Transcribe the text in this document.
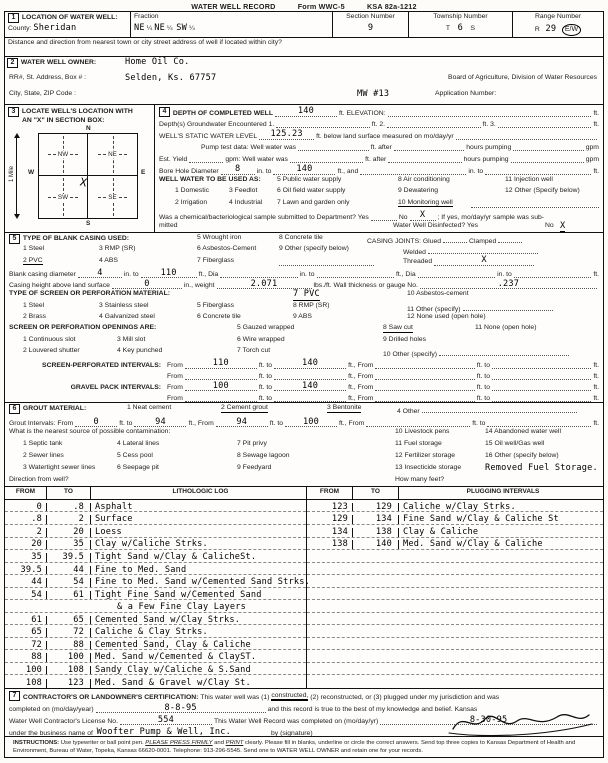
WATER WELL RECORD	Form WWC-5	KSA 82a-1212
1 LOCATION OF WATER WELL:	Fraction	Section Number	Township Number	Range Number
County: Sheridan	NE ¼ NE ¼ SW ¼	9	T 6 S	R 29 E/W
Distance and direction from nearest town or city street address of well if located within city?
2 WATER WELL OWNER:	Home Oil Co.
RR#, St. Address, Box # :	Selden, Ks. 67757	Board of Agriculture, Division of Water Resources
City, State, ZIP Code :	MW #13	Application Number:
3 LOCATE WELL'S LOCATION WITH
AN "X" IN SECTION BOX:
N
S
W	E
1 Mile
NW	NE
SW	SE
X
4 DEPTH OF COMPLETED WELL	140	ft. ELEVATION:	ft.
Depth(s) Groundwater Encountered
1.	ft. 2.	ft. 3.	ft.
WELL'S STATIC WATER LEVEL	125.23	ft. below land surface measured on mo/day/yr
Pump test data:
Well water was	ft. after	hours pumping	gpm
Est. Yield	gpm:
Well water was	ft. after	hours pumping	gpm
Bore Hole Diameter	8	in. to	140	ft., and	in. to	ft.
WELL WATER TO BE USED AS: 5 Public water supply	8 Air conditioning	11 Injection well
1 Domestic	3 Feedlot	6 Oil field water supply	9 Dewatering	12 Other (Specify below)
2 Irrigation	4 Industrial 7 Lawn and garden only	10 Monitoring well
Was a chemical/bacteriological sample submitted to Department? Yes	No	X	; If yes, mo/day/yr sample was sub-
mitted	Water Well Disinfected? Yes	No X
5 TYPE OF BLANK CASING USED:	5 Wrought iron	8 Concrete tile
CASING JOINTS: Glued	Clamped
1 Steel	3 RMP (SR)	6 Asbestos-Cement	9 Other (specify below)
Welded
2 PVC	4 ABS	7 Fiberglass	Threaded	X
Blank casing diameter	4	in. to	110	ft., Dia	in. to	ft., Dia	in. to	ft.
Casing height above land surface	0	in., weight	2.071	lbs./ft. Wall thickness or gauge No.	.237
TYPE OF SCREEN OR PERFORATION MATERIAL:	7 PVC	10 Asbestos-cement
1 Steel	3 Stainless steel	5 Fiberglass	8 RMP (SR)
11 Other (specify)
2 Brass	4 Galvanized steel	6 Concrete tile	9 ABS	12 None used (open hole)
SCREEN OR PERFORATION OPENINGS ARE:	5 Gauzed wrapped	8 Saw cut	11 None (open hole)
1 Continuous slot	3 Mill slot	6 Wire wrapped	9 Drilled holes
2 Louvered shutter	4 Key punched	7 Torch cut
10 Other (specify)
SCREEN-PERFORATED INTERVALS: From	110	ft. to	140	ft., From	ft. to	ft.
From	ft. to	ft., From	ft. to	ft.
GRAVEL PACK INTERVALS: From	100	ft. to	140	ft., From	ft. to	ft.
From	ft. to	ft., From	ft. to	ft.
6 GROUT MATERIAL:	1 Neat cement	2 Cement grout	3 Bentonite
4 Other
Grout Intervals:
From	0	ft. to	94	ft., From	94	ft. to	100	ft., From	ft. to	ft.
What is the nearest source of possible contamination:	10 Livestock pens	14 Abandoned water well
1 Septic tank	4 Lateral lines	7 Pit privy	11 Fuel storage	15 Oil well/Gas well
2 Sewer lines	5 Cess pool	8 Sewage lagoon	12 Fertilizer storage	16 Other (specify below)
3 Watertight sewer lines	6 Seepage pit	9 Feedyard	13 Insecticide storage	Removed Fuel Storage.
Direction from well?	How many feet?
FROM	TO	LITHOLOGIC LOG
0	.8	Asphalt
.8	2	Surface
2	20	Loess
20	35	Clay w/Caliche Strks.
35	39.5	Tight Sand w/Clay & CalicheSt.
39.5	44	Fine to Med. Sand
44	54	Fine to Med. Sand w/Cemented Sand Strks.
54	61	Tight Fine Sand w/Cemented Sand
& a Few Fine Clay Layers
61	65	Cemented Sand w/Clay Strks.
65	72	Caliche & Clay Strks.
72	88	Cemented Sand, Clay & Caliche
88	100	Med. Sand w/Cemented & ClayST.
100	108	Sandy Clay w/Caliche & S.Sand
108	123	Med. Sand & Gravel w/Clay St.
FROM	TO	PLUGGING INTERVALS
123	129	Caliche w/Clay Strks.
129	134	Fine Sand w/Clay & Caliche St
134	138	Clay & Caliche
138	140	Med. Sand w/Clay & Caliche
7 CONTRACTOR'S OR LANDOWNER'S CERTIFICATION:
This water well was (1)
constructed,
(2) reconstructed, or (3) plugged under my jurisdiction and was
completed on (mo/day/year)	8-8-95	and this record is true to the best of my knowledge and belief. Kansas
Water Well Contractor's License No.	554	This Water Well Record was completed on (mo/day/yr)	8-30-95
under the business name of
Woofter Pump & Well, Inc.	by (signature)
INSTRUCTIONS: Use typewriter or ball point pen. PLEASE PRESS FIRMLY and PRINT clearly. Please fill in blanks, underline or circle the correct answers. Send top three copies to Kansas Department of Health and Environment, Bureau of Water, Topeka, Kansas 66620-0001. Telephone: 913-296-5545. Send one to WATER WELL OWNER and retain one for your records.
